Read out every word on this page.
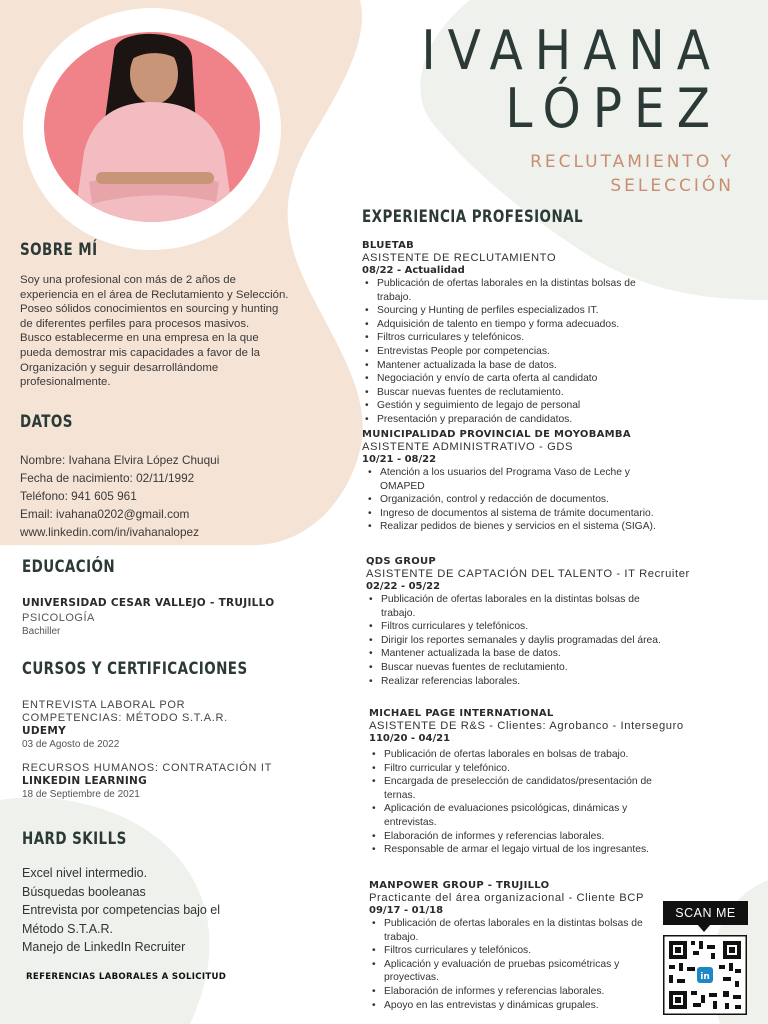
IVAHANA
LÓPEZ
RECLUTAMIENTO Y
SELECCIÓN
SOBRE MÍ

Soy una profesional con más de 2 años de experiencia en el área de Reclutamiento y Selección. Poseo sólidos conocimientos en sourcing y hunting de diferentes perfiles para procesos masivos.

Busco establecerme en una empresa en la que pueda demostrar mis capacidades a favor de la Organización y seguir desarrollándome profesionalmente.

DATOS
Nombre: Ivahana Elvira López Chuqui
Fecha de nacimiento: 02/11/1992
Teléfono: 941 605 961
Email: ivahana0202@gmail.com
www.linkedin.com/in/ivahanalopez
EDUCACIÓN
UNIVERSIDAD CESAR VALLEJO - TRUJILLO
PSICOLOGÍA
Bachiller
CURSOS Y CERTIFICACIONES
ENTREVISTA LABORAL POR
COMPETENCIAS: MÉTODO S.T.A.R.
UDEMY
03 de Agosto de 2022
RECURSOS HUMANOS: CONTRATACIÓN IT
LINKEDIN LEARNING
18 de Septiembre de 2021
HARD SKILLS
Excel nivel intermedio.
Búsquedas booleanas
Entrevista por competencias bajo el
Método S.T.A.R.
Manejo de LinkedIn Recruiter
REFERENCIAS LABORALES A SOLICITUD
EXPERIENCIA PROFESIONAL
BLUETAB
ASISTENTE DE RECLUTAMIENTO
08/22 - Actualidad
• Publicación de ofertas laborales en la distintas bolsas de trabajo.
• Sourcing y Hunting de perfiles especializados IT.
• Adquisición de talento en tiempo y forma adecuados.
• Filtros curriculares y telefónicos.
• Entrevistas People por competencias.
• Mantener actualizada la base de datos.
• Negociación y envío de carta oferta al candidato
• Buscar nuevas fuentes de reclutamiento.
• Gestión y seguimiento de legajo de personal
• Presentación y preparación de candidatos.
MUNICIPALIDAD PROVINCIAL DE MOYOBAMBA
ASISTENTE ADMINISTRATIVO - GDS
10/21 - 08/22
• Atención a los usuarios del Programa Vaso de Leche y OMAPED
• Organización, control y redacción de documentos.
• Ingreso de documentos al sistema de trámite documentario.
• Realizar pedidos de bienes y servicios en el sistema (SIGA).
QDS GROUP
ASISTENTE DE CAPTACIÓN DEL TALENTO - IT Recruiter
02/22 - 05/22
• Publicación de ofertas laborales en la distintas bolsas de trabajo.
• Filtros curriculares y telefónicos.
• Dirigir los reportes semanales y daylis programadas del área.
• Mantener actualizada la base de datos.
• Buscar nuevas fuentes de reclutamiento.
• Realizar referencias laborales.
MICHAEL PAGE INTERNATIONAL
ASISTENTE DE R&S - Clientes: Agrobanco - Interseguro
110/20 - 04/21
• Publicación de ofertas laborales en bolsas de trabajo.
• Filtro curricular y telefónico.
• Encargada de preselección de candidatos/presentación de ternas.
• Aplicación de evaluaciones psicológicas, dinámicas y entrevistas.
• Elaboración de informes y referencias laborales.
• Responsable de armar el legajo virtual de los ingresantes.
MANPOWER GROUP - TRUJILLO
Practicante del área organizacional - Cliente BCP
09/17 - 01/18
• Publicación de ofertas laborales en la distintas bolsas de trabajo.
• Filtros curriculares y telefónicos.
• Aplicación y evaluación de pruebas psicométricas y proyectivas.
• Elaboración de informes y referencias laborales.
• Apoyo en las entrevistas y dinámicas grupales.
SCAN ME
in
